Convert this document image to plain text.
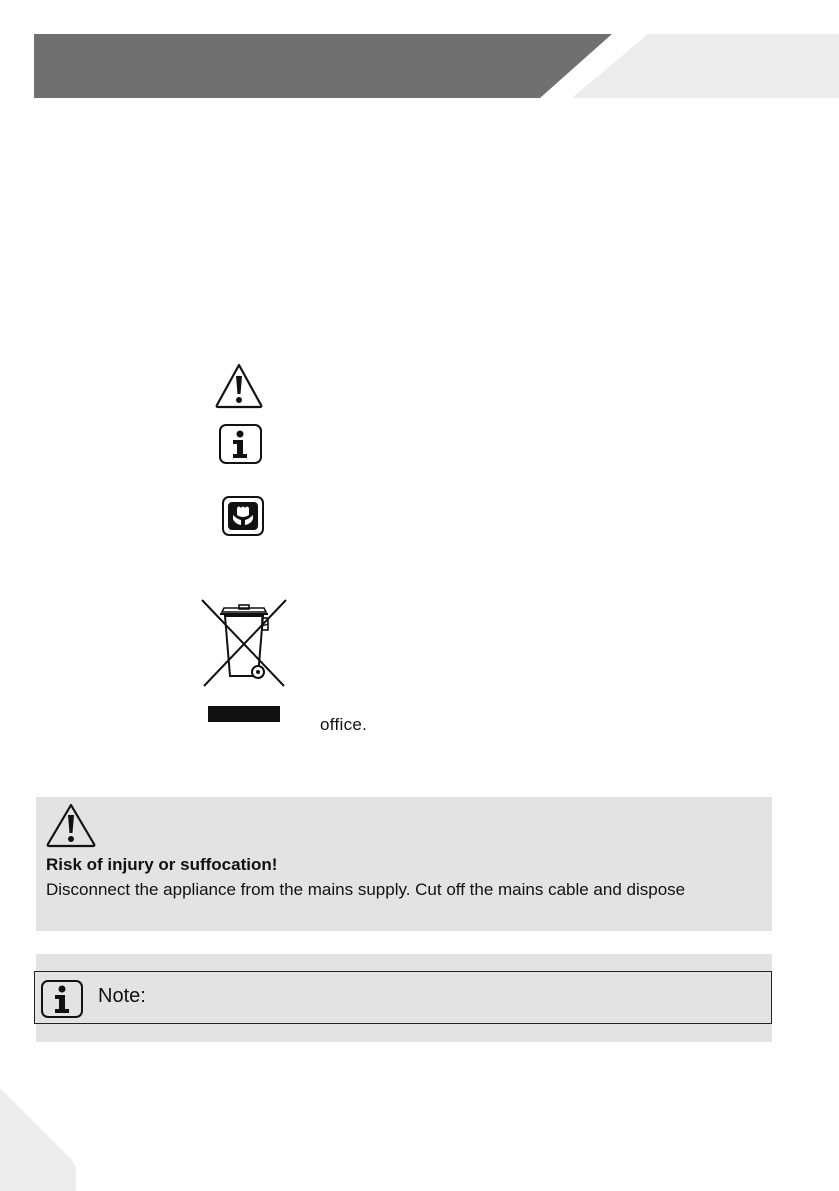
office.
Risk of injury or suffocation!
Disconnect the appliance from the mains supply. Cut off the mains cable and dispose
Note:
